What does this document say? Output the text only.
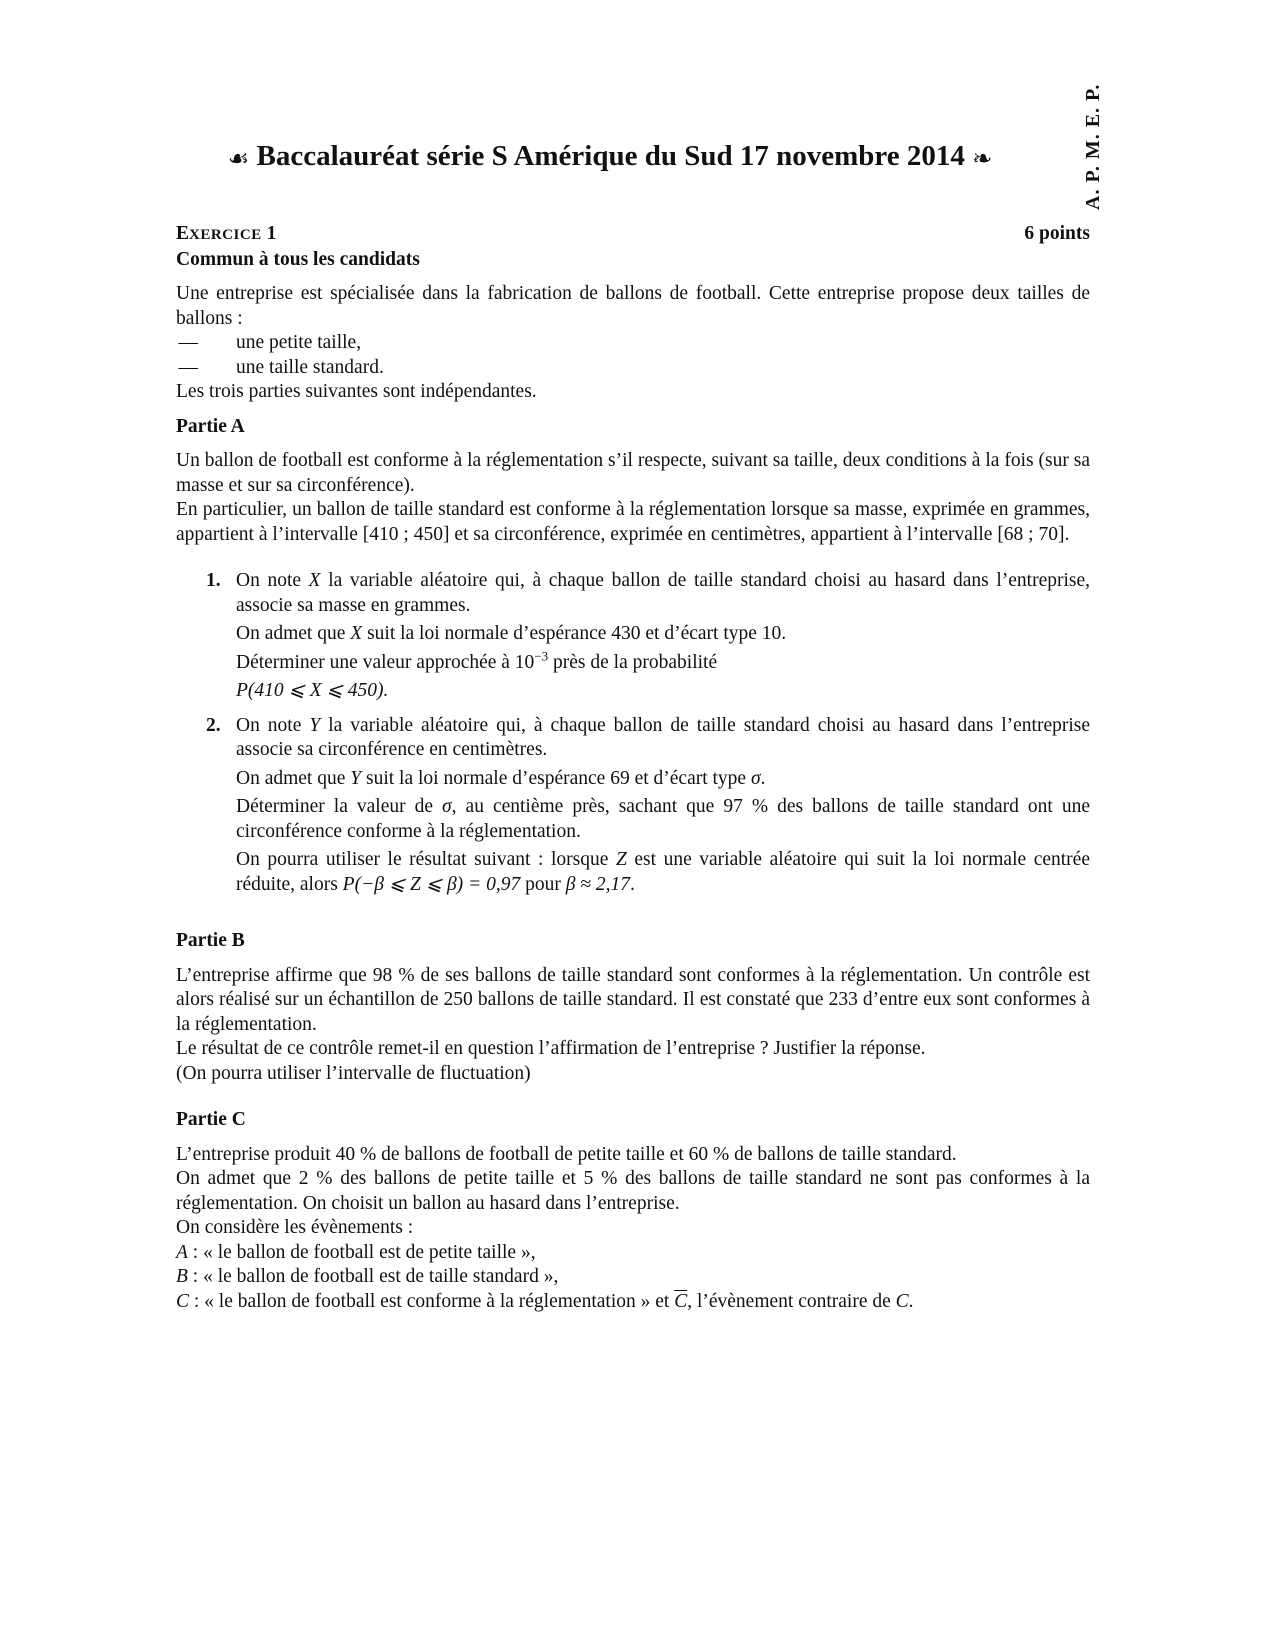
A. P. M. E. P.
☙ Baccalauréat série S Amérique du Sud 17 novembre 2014 ❧
EXERCICE 1	6 points

Commun à tous les candidats

Une entreprise est spécialisée dans la fabrication de ballons de football. Cette entreprise propose deux tailles de ballons :

— une petite taille,
— une taille standard.

Les trois parties suivantes sont indépendantes.

Partie A

Un ballon de football est conforme à la réglementation s’il respecte, suivant sa taille, deux conditions à la fois (sur sa masse et sur sa circonférence).

En particulier, un ballon de taille standard est conforme à la réglementation lorsque sa masse, exprimée en grammes, appartient à l’intervalle [410 ; 450] et sa circonférence, exprimée en centimètres, appartient à l’intervalle [68 ; 70].

1. On note X la variable aléatoire qui, à chaque ballon de taille standard choisi au hasard dans l’entreprise, associe sa masse en grammes.

On admet que X suit la loi normale d’espérance 430 et d’écart type 10.

Déterminer une valeur approchée à $10^{-3}$ près de la probabilité

P(410 ⩽ X ⩽ 450).

2. On note Y la variable aléatoire qui, à chaque ballon de taille standard choisi au hasard dans l’entreprise associe sa circonférence en centimètres.

On admet que Y suit la loi normale d’espérance 69 et d’écart type σ.

Déterminer la valeur de σ, au centième près, sachant que 97 % des ballons de taille standard ont une circonférence conforme à la réglementation.

On pourra utiliser le résultat suivant : lorsque Z est une variable aléatoire qui suit la loi normale centrée réduite, alors P(−β ⩽ Z ⩽ β) = 0,97 pour β ≈ 2,17.

Partie B

L’entreprise affirme que 98 % de ses ballons de taille standard sont conformes à la réglementation. Un contrôle est alors réalisé sur un échantillon de 250 ballons de taille standard. Il est constaté que 233 d’entre eux sont conformes à la réglementation.

Le résultat de ce contrôle remet-il en question l’affirmation de l’entreprise ? Justifier la réponse.

(On pourra utiliser l’intervalle de fluctuation)

Partie C

L’entreprise produit 40 % de ballons de football de petite taille et 60 % de ballons de taille standard.

On admet que 2 % des ballons de petite taille et 5 % des ballons de taille standard ne sont pas conformes à la réglementation. On choisit un ballon au hasard dans l’entreprise.

On considère les évènements :

A : « le ballon de football est de petite taille »,

B : « le ballon de football est de taille standard »,

C : « le ballon de football est conforme à la réglementation » et $\overline{C}$, l’évènement contraire de C.
